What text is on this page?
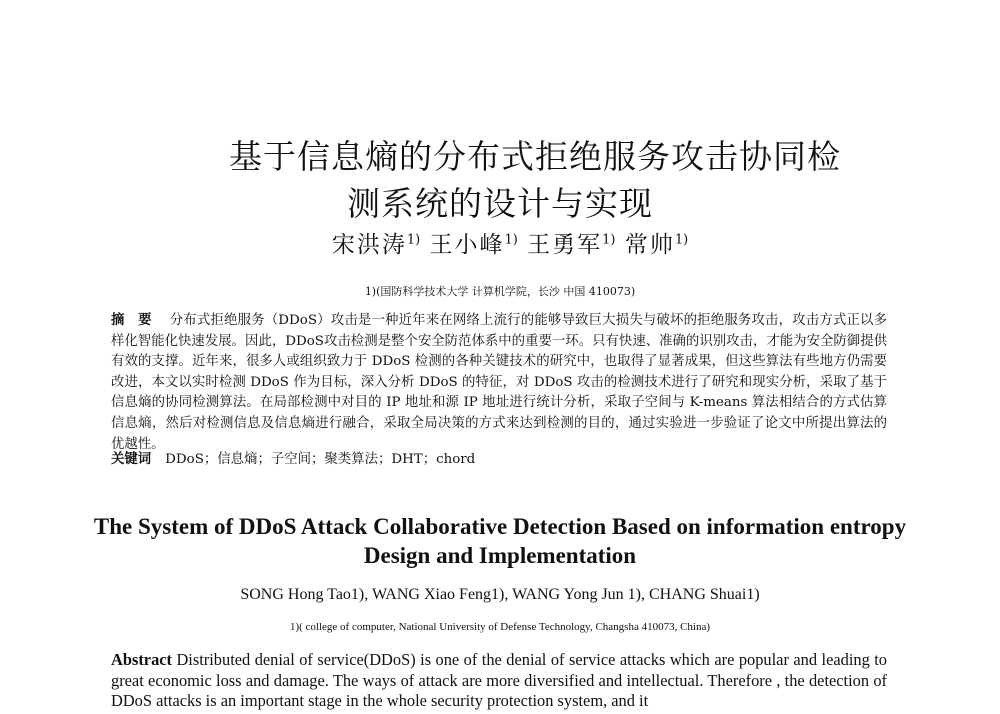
基于信息熵的分布式拒绝服务攻击协同检
测系统的设计与实现
宋洪涛$^{1)}$ 王小峰$^{1)}$ 王勇军$^{1)}$ 常帅$^{1)}$
1)(国防科学技术大学 计算机学院，长沙 中国 410073)
摘　要 分布式拒绝服务（DDoS）攻击是一种近年来在网络上流行的能够导致巨大损失与破坏的拒绝服务攻击，攻击方式正以多样化智能化快速发展。因此，DDoS攻击检测是整个安全防范体系中的重要一环。只有快速、准确的识别攻击，才能为安全防御提供有效的支撑。近年来，很多人或组织致力于 DDoS 检测的各种关键技术的研究中，也取得了显著成果，但这些算法有些地方仍需要改进，本文以实时检测 DDoS 作为目标，深入分析 DDoS 的特征，对 DDoS 攻击的检测技术进行了研究和现实分析，采取了基于信息熵的协同检测算法。在局部检测中对目的 IP 地址和源 IP 地址进行统计分析，采取子空间与 K-means 算法相结合的方式估算信息熵，然后对检测信息及信息熵进行融合，采取全局决策的方式来达到检测的目的，通过实验进一步验证了论文中所提出算法的优越性。
关键词 DDoS；信息熵；子空间；聚类算法；DHT；chord
The System of DDoS Attack Collaborative Detection Based on information entropy Design and Implementation
SONG Hong Tao1), WANG Xiao Feng1), WANG Yong Jun 1), CHANG Shuai1)
1)( college of computer, National University of Defense Technology, Changsha 410073, China)
Abstract Distributed denial of service(DDoS) is one of the denial of service attacks which are popular and leading to great economic loss and damage. The ways of attack are more diversified and intellectual. Therefore , the detection of DDoS attacks is an important stage in the whole security protection system, and it
